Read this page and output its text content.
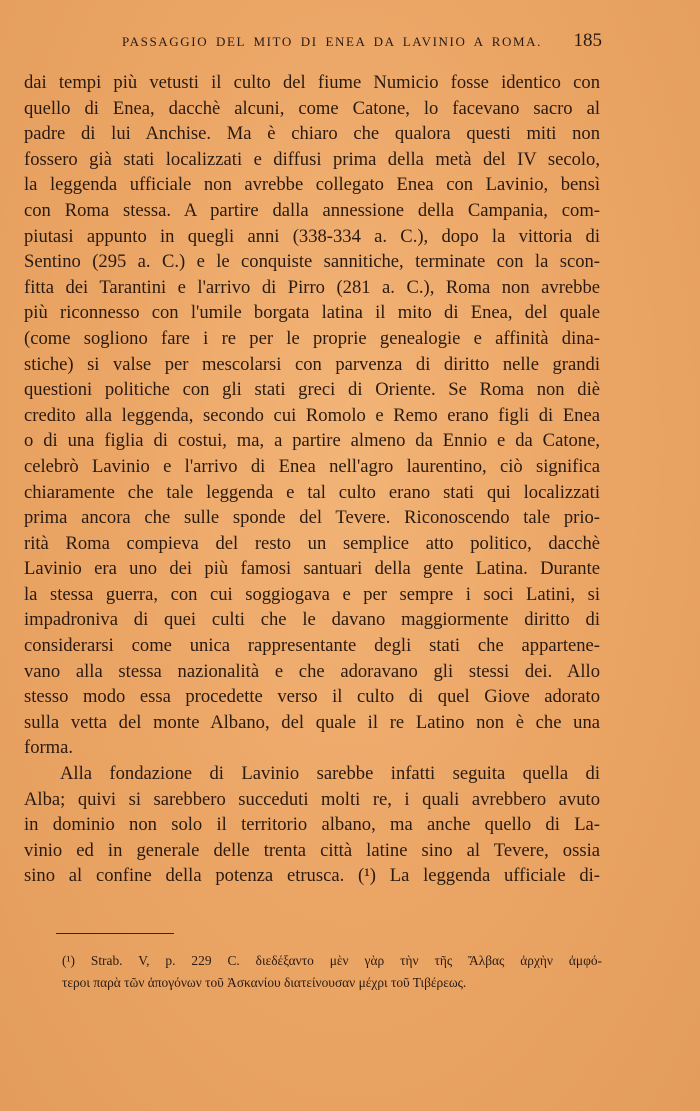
PASSAGGIO DEL MITO DI ENEA DA LAVINIO A ROMA.	185
dai tempi più vetusti il culto del fiume Numicio fosse identico con
quello di Enea, dacchè alcuni, come Catone, lo facevano sacro al
padre di lui Anchise. Ma è chiaro che qualora questi miti non
fossero già stati localizzati e diffusi prima della metà del IV secolo,
la leggenda ufficiale non avrebbe collegato Enea con Lavinio, bensì
con Roma stessa. A partire dalla annessione della Campania, com-
piutasi appunto in quegli anni (338-334 a. C.), dopo la vittoria di
Sentino (295 a. C.) e le conquiste sannitiche, terminate con la scon-
fitta dei Tarantini e l'arrivo di Pirro (281 a. C.), Roma non avrebbe
più riconnesso con l'umile borgata latina il mito di Enea, del quale
(come sogliono fare i re per le proprie genealogie e affinità dina-
stiche) si valse per mescolarsi con parvenza di diritto nelle grandi
questioni politiche con gli stati greci di Oriente. Se Roma non diè
credito alla leggenda, secondo cui Romolo e Remo erano figli di Enea
o di una figlia di costui, ma, a partire almeno da Ennio e da Catone,
celebrò Lavinio e l'arrivo di Enea nell'agro laurentino, ciò significa
chiaramente che tale leggenda e tal culto erano stati qui localizzati
prima ancora che sulle sponde del Tevere. Riconoscendo tale prio-
rità Roma compieva del resto un semplice atto politico, dacchè
Lavinio era uno dei più famosi santuari della gente Latina. Durante
la stessa guerra, con cui soggiogava e per sempre i soci Latini, si
impadroniva di quei culti che le davano maggiormente diritto di
considerarsi come unica rappresentante degli stati che appartene-
vano alla stessa nazionalità e che adoravano gli stessi dei. Allo
stesso modo essa procedette verso il culto di quel Giove adorato
sulla vetta del monte Albano, del quale il re Latino non è che una
forma.
Alla fondazione di Lavinio sarebbe infatti seguita quella di
Alba; quivi si sarebbero succeduti molti re, i quali avrebbero avuto
in dominio non solo il territorio albano, ma anche quello di La-
vinio ed in generale delle trenta città latine sino al Tevere, ossia
sino al confine della potenza etrusca. (¹) La leggenda ufficiale di-
(¹) Strab. V, p. 229 C. διεδέξαντο μὲν γὰρ τὴν τῆς Ἄλβας ἀρχὴν ἀμφό-
τεροι παρὰ τῶν ἀπογόνων τοῦ Ἀσκανίου διατείνουσαν μέχρι τοῦ Τιβέρεως.
